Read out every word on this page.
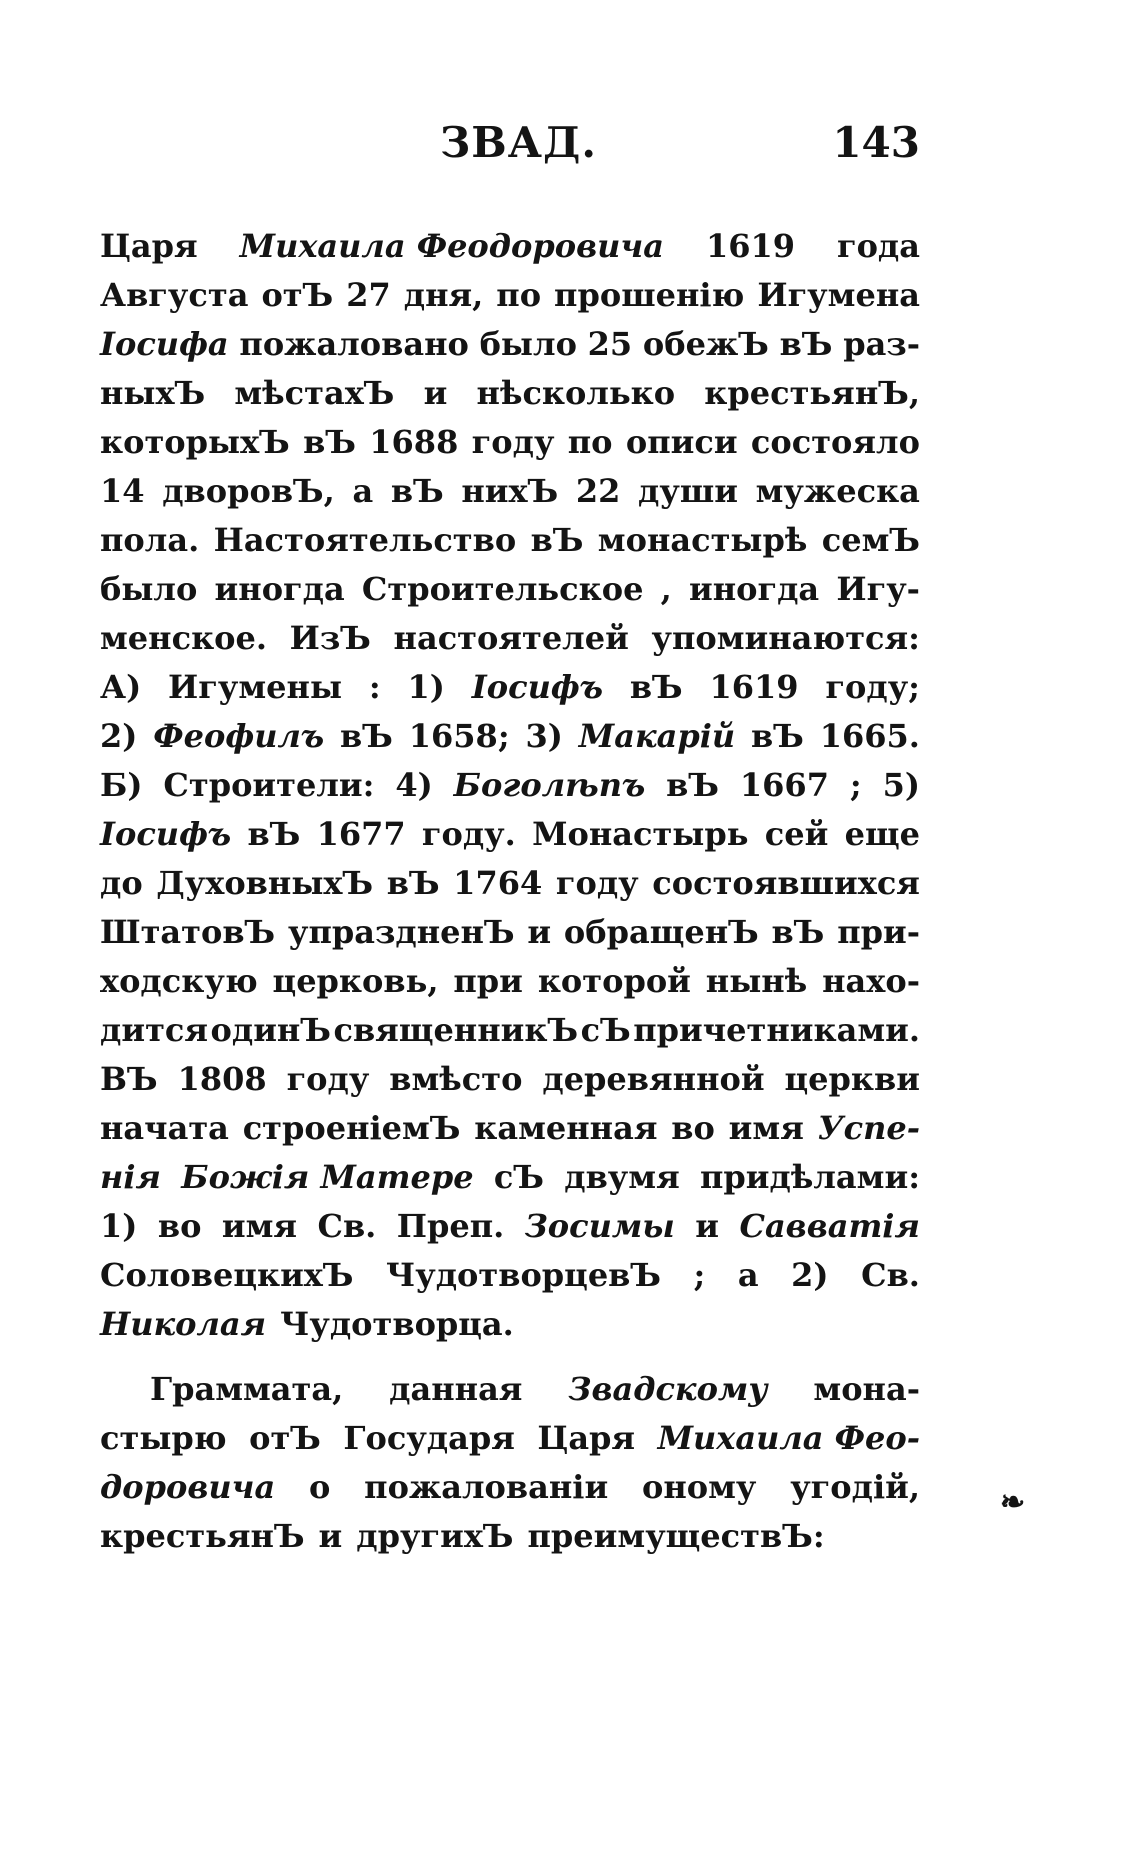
ЗВАД.	143
Царя Михаила Феодоровича 1619 года
Августа отЪ 27 дня, по прошенiю Игумена
Iосифа пожаловано было 25 обежЪ вЪ раз-
ныхЪ мѣстахЪ и нѣсколько крестьянЪ,
которыхЪ вЪ 1688 году по описи состояло
14 дворовЪ, а вЪ нихЪ 22 души мужеска
пола. Настоятельство вЪ монастырѣ семЪ
было иногда Строительское , иногда Игу-
менское. ИзЪ настоятелей упоминаются:
А) Игумены : 1) Iосифъ вЪ 1619 году;
2) Феофилъ вЪ 1658; 3) Макарiй вЪ 1665.
Б) Строители: 4) Боголѣпъ вЪ 1667 ; 5)
Iосифъ вЪ 1677 году. Монастырь сей еще
до ДуховныхЪ вЪ 1764 году состоявшихся
ШтатовЪ упраздненЪ и обращенЪ вЪ при-
ходскую церковь, при которой нынѣ нахо-
дится одинЪ священникЪ сЪ причетниками.
ВЪ 1808 году вмѣсто деревянной церкви
начата строенiемЪ каменная во имя Успе-
нiя Божiя Матере сЪ двумя придѣлами:
1) во имя Св. Преп. Зосимы и Савватiя
СоловецкихЪ ЧудотворцевЪ ; а 2) Св.
Николая Чудотворца.
Граммата, данная Звадскому мона-
стырю отЪ Государя Царя Михаила Фео-
доровича о пожалованiи оному угодiй,
крестьянЪ и другихЪ преимуществЪ:
❧
